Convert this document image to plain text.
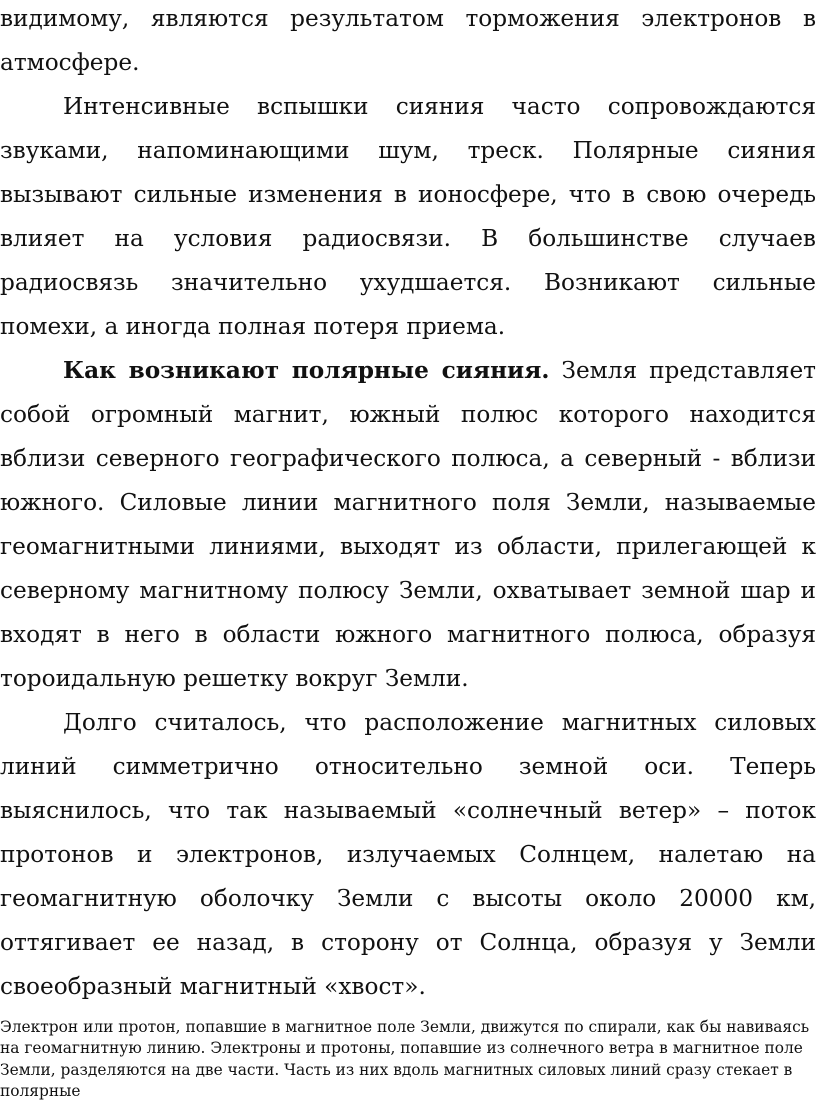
видимому, являются результатом торможения электронов в атмосфере.

Интенсивные вспышки сияния часто сопровождаются звуками, напоминающими шум, треск. Полярные сияния вызывают сильные изменения в ионосфере, что в свою очередь влияет на условия радиосвязи. В большинстве случаев радиосвязь значительно ухудшается. Возникают сильные помехи, а иногда полная потеря приема.

Как возникают полярные сияния. Земля представляет собой огромный магнит, южный полюс которого находится вблизи северного географического полюса, а северный - вблизи южного. Силовые линии магнитного поля Земли, называемые геомагнитными линиями, выходят из области, прилегающей к северному магнитному полюсу Земли, охватывает земной шар и входят в него в области южного магнитного полюса, образуя тороидальную решетку вокруг Земли.

Долго считалось, что расположение магнитных силовых линий симметрично относительно земной оси. Теперь выяснилось, что так называемый «солнечный ветер» – поток протонов и электронов, излучаемых Солнцем, налетаю на геомагнитную оболочку Земли с высоты около 20000 км, оттягивает ее назад, в сторону от Солнца, образуя у Земли своеобразный магнитный «хвост».

Электрон или протон, попавшие в магнитное поле Земли, движутся по спирали, как бы навиваясь на геомагнитную линию. Электроны и протоны, попавшие из солнечного ветра в магнитное поле Земли, разделяются на две части. Часть из них вдоль магнитных силовых линий сразу стекает в полярные
